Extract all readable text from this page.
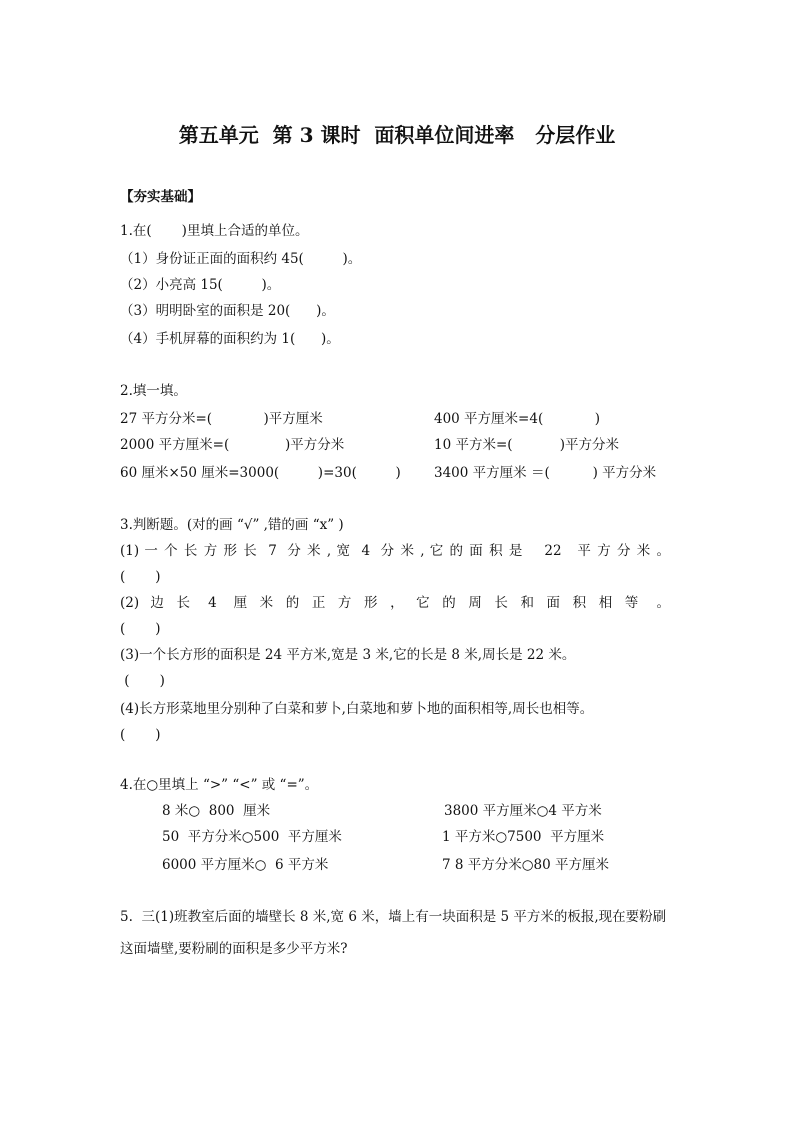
第五单元  第 3 课时  面积单位间进率   分层作业
【夯实基础】
1.在(       )里填上合适的单位。
（1）身份证正面的面积约 45(         )。
（2）小亮高 15(         )。
（3）明明卧室的面积是 20(      )。
（4）手机屏幕的面积约为 1(      )。
2.填一填。
27 平方分米=(            )平方厘米
2000 平方厘米=(             )平方分米
60 厘米×50 厘米=3000(         )=30(         )
400 平方厘米=4(            )
10 平方米=(           )平方分米
3400 平方厘米 ＝(          ) 平方分米
3.判断题。(对的画 “√” ,错的画 “x” )
(1) 一 个 长 方 形 长  7  分 米 , 宽  4  分 米 , 它 的 面 积 是    22   平 方 分 米 。
(       )
(2)  边  长   4   厘  米  的  正  方  形  ，  它  的  周  长  和  面  积  相  等   。
(       )
(3)一个长方形的面积是 24 平方米,宽是 3 米,它的长是 8 米,周长是 22 米。
(       )
(4)长方形菜地里分别种了白菜和萝卜,白菜地和萝卜地的面积相等,周长也相等。
(       )
4.在○里填上 “>” “<” 或 “=”。
8 米○  800  厘米
50  平方分米○500  平方厘米
6000 平方厘米○  6 平方米
3800 平方厘米○4 平方米
1 平方米○7500  平方厘米
7 8 平方分米○80 平方厘米
5.  三(1)班教室后面的墙壁长 8 米,宽 6 米，墙上有一块面积是 5 平方米的板报,现在要粉刷
这面墙壁,要粉刷的面积是多少平方米?
